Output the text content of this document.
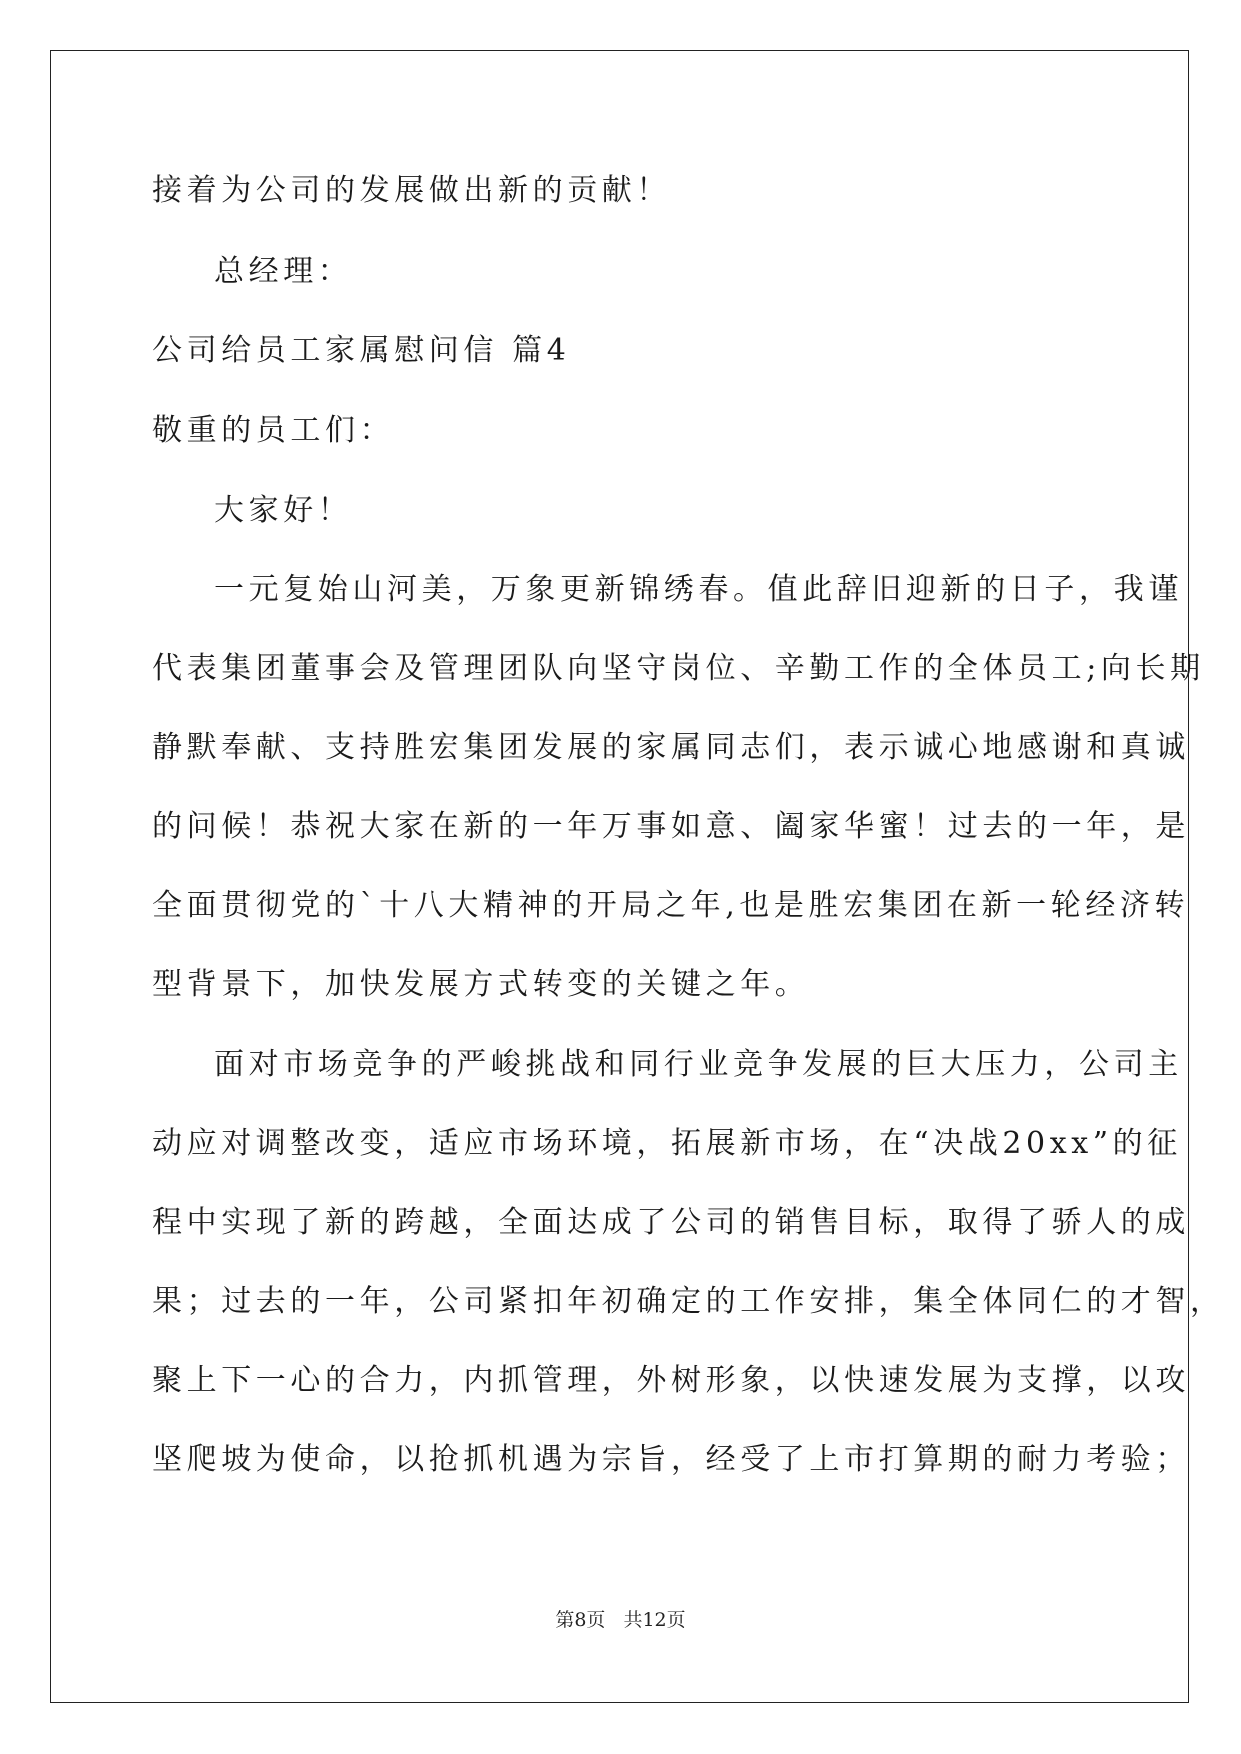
接着为公司的发展做出新的贡献！
总经理：
公司给员工家属慰问信 篇4
敬重的员工们：
大家好！
一元复始山河美，万象更新锦绣春。值此辞旧迎新的日子，我谨
代表集团董事会及管理团队向坚守岗位、辛勤工作的全体员工;向长期
静默奉献、支持胜宏集团发展的家属同志们，表示诚心地感谢和真诚
的问候！恭祝大家在新的一年万事如意、阖家华蜜！过去的一年，是
全面贯彻党的`十八大精神的开局之年,也是胜宏集团在新一轮经济转
型背景下，加快发展方式转变的关键之年。
面对市场竞争的严峻挑战和同行业竞争发展的巨大压力，公司主
动应对调整改变，适应市场环境，拓展新市场，在“决战20xx”的征
程中实现了新的跨越，全面达成了公司的销售目标，取得了骄人的成
果；过去的一年，公司紧扣年初确定的工作安排，集全体同仁的才智，
聚上下一心的合力，内抓管理，外树形象，以快速发展为支撑，以攻
坚爬坡为使命，以抢抓机遇为宗旨，经受了上市打算期的耐力考验；
第8页 共12页
